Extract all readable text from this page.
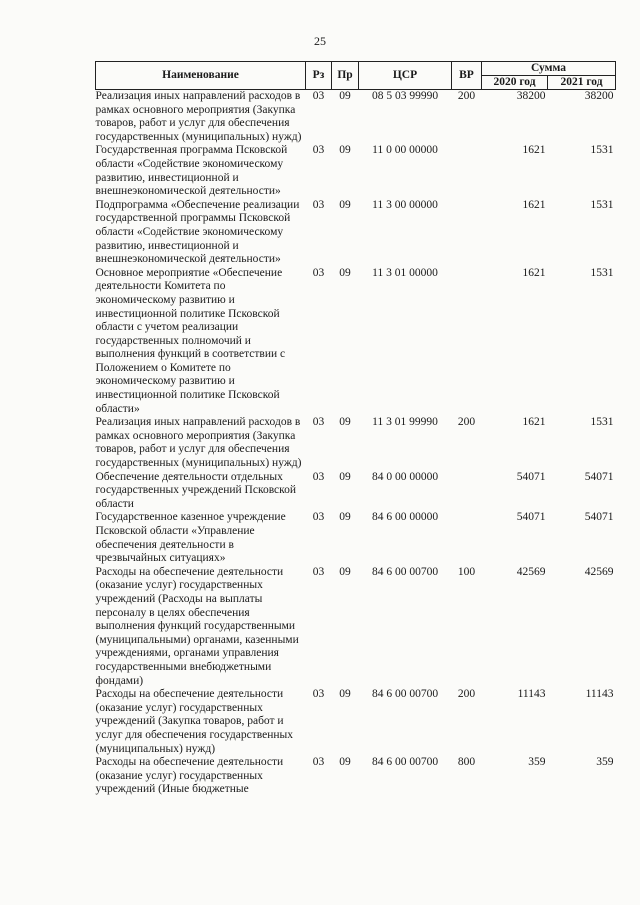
25
Наименование	Рз	Пр	ЦСР	ВР	Сумма	
					2020 год	2021 год
Реализация иных направлений расходов в рамках основного мероприятия (Закупка товаров, работ и услуг для обеспечения государственных (муниципальных) нужд)	03	09	08 5 03 99990	200	38200	38200
Государственная программа Псковской области «Содействие экономическому развитию, инвестиционной и внешнеэкономической деятельности»	03	09	11 0 00 00000		1621	1531
Подпрограмма «Обеспечение реализации государственной программы Псковской области «Содействие экономическому развитию, инвестиционной и внешнеэкономической деятельности»	03	09	11 3 00 00000		1621	1531
Основное мероприятие «Обеспечение деятельности Комитета по экономическому развитию и инвестиционной политике Псковской области с учетом реализации государственных полномочий и выполнения функций в соответствии с Положением о Комитете по экономическому развитию и инвестиционной политике Псковской области»	03	09	11 3 01 00000		1621	1531
Реализация иных направлений расходов в рамках основного мероприятия (Закупка товаров, работ и услуг для обеспечения государственных (муниципальных) нужд)	03	09	11 3 01 99990	200	1621	1531
Обеспечение деятельности отдельных государственных учреждений Псковской области	03	09	84 0 00 00000		54071	54071
Государственное казенное учреждение Псковской области «Управление обеспечения деятельности в чрезвычайных ситуациях»	03	09	84 6 00 00000		54071	54071
Расходы на обеспечение деятельности (оказание услуг) государственных учреждений (Расходы на выплаты персоналу в целях обеспечения выполнения функций государственными (муниципальными) органами, казенными учреждениями, органами управления государственными внебюджетными фондами)	03	09	84 6 00 00700	100	42569	42569
Расходы на обеспечение деятельности (оказание услуг) государственных учреждений (Закупка товаров, работ и услуг для обеспечения государственных (муниципальных) нужд)	03	09	84 6 00 00700	200	11143	11143
Расходы на обеспечение деятельности (оказание услуг) государственных учреждений (Иные бюджетные	03	09	84 6 00 00700	800	359	359
